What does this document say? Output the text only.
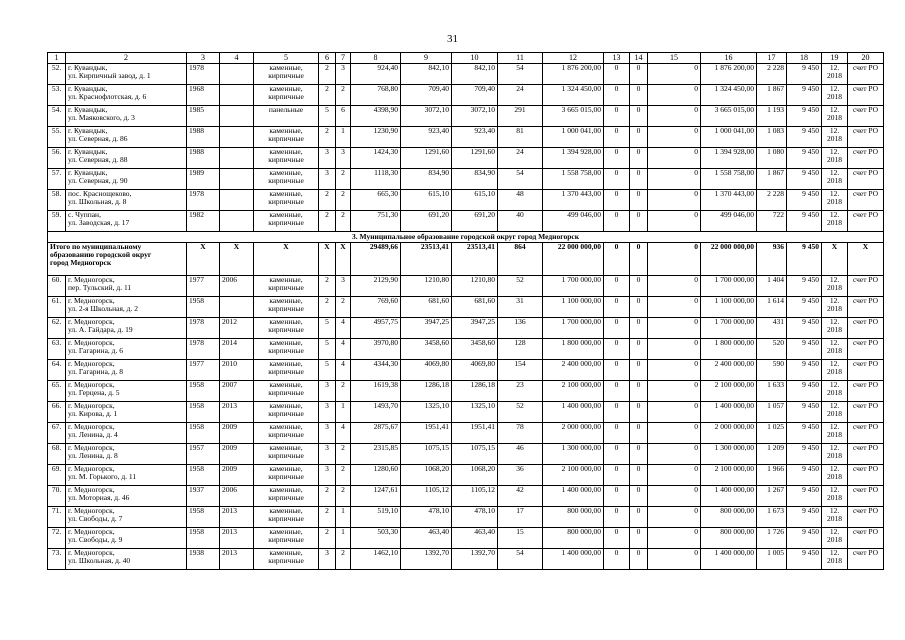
31
1	2	3	4	5	6	7	8	9	10	11	12	13	14	15	16	17	18	19	20
52.	г. Кувандык,
ул. Кирпичный завод, д. 1	1978		каменные,
кирпичные	2	3	924,40	842,10	842,10	54	1 876 200,00	0	0	0	1 876 200,00	2 228	9 450	12.
2018	счет РО
53.	г. Кувандык,
ул. Краснофлотская, д. 6	1968		каменные,
кирпичные	2	2	768,80	709,40	709,40	24	1 324 450,00	0	0	0	1 324 450,00	1 867	9 450	12.
2018	счет РО
54.	г. Кувандык,
ул. Маяковского, д. 3	1985		панельные	5	6	4398,90	3072,10	3072,10	291	3 665 015,00	0	0	0	3 665 015,00	1 193	9 450	12.
2018	счет РО
55.	г. Кувандык,
ул. Северная, д. 86	1988		каменные,
кирпичные	2	1	1230,90	923,40	923,40	81	1 000 041,00	0	0	0	1 000 041,00	1 083	9 450	12.
2018	счет РО
56.	г. Кувандык,
ул. Северная, д. 88	1988		каменные,
кирпичные	3	3	1424,30	1291,60	1291,60	24	1 394 928,00	0	0	0	1 394 928,00	1 080	9 450	12.
2018	счет РО
57.	г. Кувандык,
ул. Северная, д. 90	1989		каменные,
кирпичные	3	2	1118,30	834,90	834,90	54	1 558 758,00	0	0	0	1 558 758,00	1 867	9 450	12.
2018	счет РО
58.	пос. Краснощеково,
ул. Школьная, д. 8	1978		каменные,
кирпичные	2	2	665,30	615,10	615,10	48	1 370 443,00	0	0	0	1 370 443,00	2 228	9 450	12.
2018	счет РО
59.	с. Чуппан,
ул. Заводская, д. 17	1982		каменные,
кирпичные	2	2	751,30	691,20	691,20	40	499 046,00	0	0	0	499 046,00	722	9 450	12.
2018	счет РО
3. Муниципальное образование городской округ город Медногорск																			

Итого по муниципальному
образованию городской округ
город Медногорск		X	X	X	X	X	29489,66	23513,41	23513,41	864	22 000 000,00	0	0	0	22 000 000,00	936	9 450	X	X
60.	г. Медногорск,
пер. Тульский, д. 11	1977	2006	каменные,
кирпичные	2	3	2129,90	1210,80	1210,80	52	1 700 000,00	0	0	0	1 700 000,00	1 404	9 450	12.
2018	счет РО
61.	г. Медногорск,
ул. 2-я Школьная, д. 2	1958		каменные,
кирпичные	2	2	769,60	681,60	681,60	31	1 100 000,00	0	0	0	1 100 000,00	1 614	9 450	12.
2018	счет РО
62.	г. Медногорск,
ул. А. Гайдара, д. 19	1978	2012	каменные,
кирпичные	5	4	4957,75	3947,25	3947,25	136	1 700 000,00	0	0	0	1 700 000,00	431	9 450	12.
2018	счет РО
63.	г. Медногорск,
ул. Гагарина, д. 6	1978	2014	каменные,
кирпичные	5	4	3970,80	3458,60	3458,60	128	1 800 000,00	0	0	0	1 800 000,00	520	9 450	12.
2018	счет РО
64.	г. Медногорск,
ул. Гагарина, д. 8	1977	2010	каменные,
кирпичные	5	4	4344,30	4069,80	4069,80	154	2 400 000,00	0	0	0	2 400 000,00	590	9 450	12.
2018	счет РО
65.	г. Медногорск,
ул. Герцена, д. 5	1958	2007	каменные,
кирпичные	3	2	1619,38	1286,18	1286,18	23	2 100 000,00	0	0	0	2 100 000,00	1 633	9 450	12.
2018	счет РО
66.	г. Медногорск,
ул. Кирова, д. 1	1958	2013	каменные,
кирпичные	3	1	1493,70	1325,10	1325,10	52	1 400 000,00	0	0	0	1 400 000,00	1 057	9 450	12.
2018	счет РО
67.	г. Медногорск,
ул. Ленина, д. 4	1958	2009	каменные,
кирпичные	3	4	2875,67	1951,41	1951,41	78	2 000 000,00	0	0	0	2 000 000,00	1 025	9 450	12.
2018	счет РО
68.	г. Медногорск,
ул. Ленина, д. 8	1957	2009	каменные,
кирпичные	3	2	2315,85	1075,15	1075,15	46	1 300 000,00	0	0	0	1 300 000,00	1 209	9 450	12.
2018	счет РО
69.	г. Медногорск,
ул. М. Горького, д. 11	1958	2009	каменные,
кирпичные	3	2	1280,60	1068,20	1068,20	36	2 100 000,00	0	0	0	2 100 000,00	1 966	9 450	12.
2018	счет РО
70.	г. Медногорск,
ул. Моторная, д. 46	1937	2006	каменные,
кирпичные	2	2	1247,61	1105,12	1105,12	42	1 400 000,00	0	0	0	1 400 000,00	1 267	9 450	12.
2018	счет РО
71.	г. Медногорск,
ул. Свободы, д. 7	1958	2013	каменные,
кирпичные	2	1	519,10	478,10	478,10	17	800 000,00	0	0	0	800 000,00	1 673	9 450	12.
2018	счет РО
72.	г. Медногорск,
ул. Свободы, д. 9	1958	2013	каменные,
кирпичные	2	1	503,30	463,40	463,40	15	800 000,00	0	0	0	800 000,00	1 726	9 450	12.
2018	счет РО
73.	г. Медногорск,
ул. Школьная, д. 40	1938	2013	каменные,
кирпичные	3	2	1462,10	1392,70	1392,70	54	1 400 000,00	0	0	0	1 400 000,00	1 005	9 450	12.
2018	счет РО
